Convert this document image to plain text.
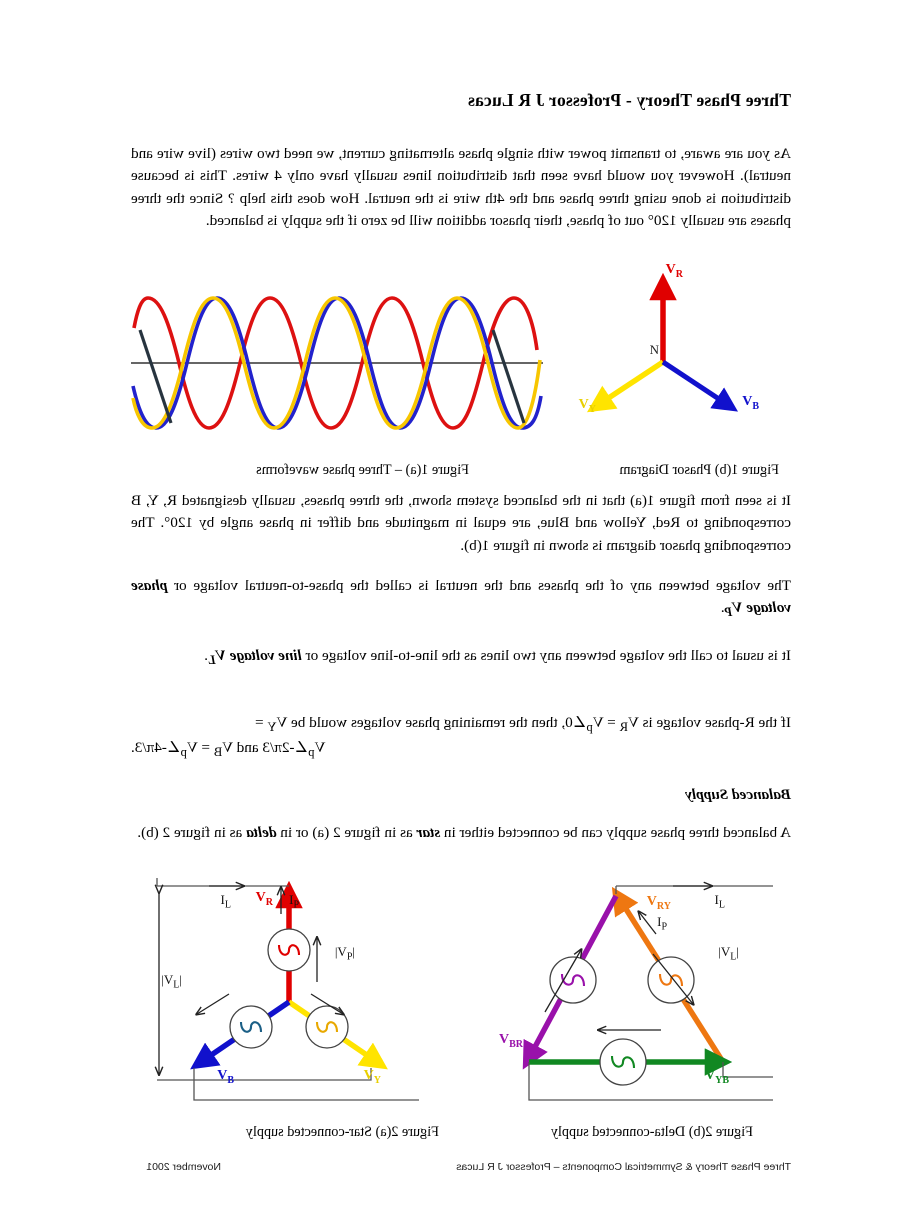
Three Phase Theory - Professor J R Lucas
As you are aware, to transmit power with single phase alternating current, we need two wires (live wire and neutral). However you would have seen that distribution lines usually have only 4 wires. This is because distribution is done using three phase and the 4th wire is the neutral. How does this help ? Since the three phases are usually 120° out of phase, their phasor addition will be zero if the supply is balanced.
$V_R$
$V_Y$
$V_B$
N
Figure 1(a) – Three phase waveforms	Figure 1(b) Phasor Diagram
It is seen from figure 1(a) that in the balanced system shown, the three phases, usually designated R, Y, B corresponding to Red, Yellow and Blue, are equal in magnitude and differ in phase angle by 120°. The corresponding phasor diagram is shown in figure 1(b).
The voltage between any of the phases and the neutral is called the phase-to-neutral voltage or phase voltage $V_P$.
It is usual to call the voltage between any two lines as the line-to-line voltage or line voltage $V_L$.
If the R-phase voltage is $V_R$ = $V_p\angle 0$, then the remaining phase voltages would be $V_Y$ =
$V_p\angle-2\pi/3$ and $V_B$ = $V_p\angle-4\pi/3$.
Balanced Supply
A balanced three phase supply can be connected either in star as in figure 2 (a) or in delta as in figure 2 (b).
$V_R$
$V_Y$
$V_B$
$I_P$
$I_L$
$|V_P|$
$|V_L|$
$V_{RY}$
$V_{BR}$
$V_{YB}$
$I_P$
$I_L$
$|V_L|$
Figure 2(a) Star-connected supply	Figure 2(b) Delta-connected supply
Three Phase Theory & Symmetrical Components – Professor J R Lucas
November 2001
